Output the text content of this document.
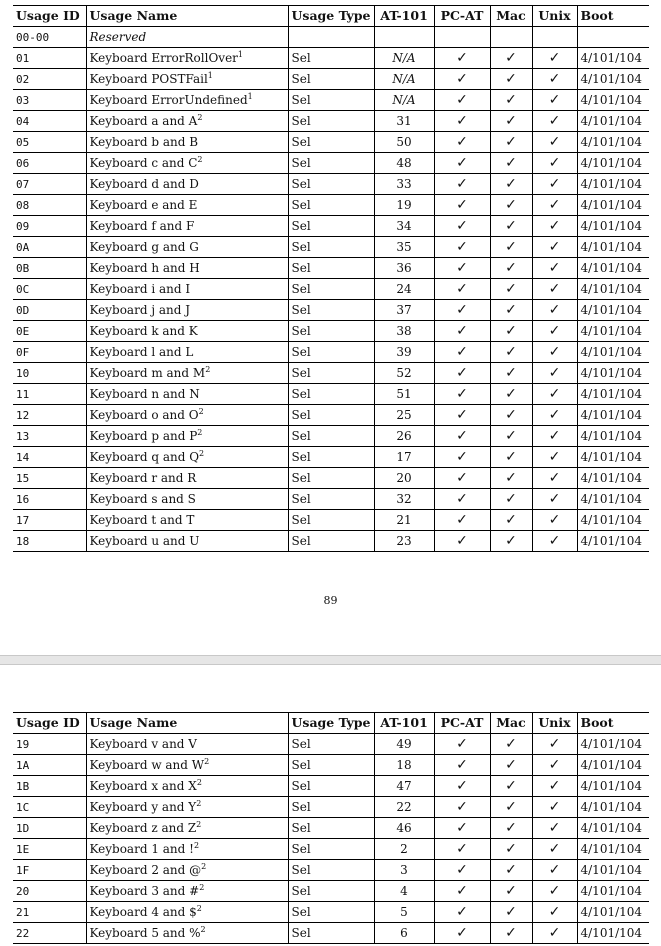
Usage ID	Usage Name	Usage Type	AT-101	PC-AT	Mac	Unix	Boot
00-00	Reserved						
01	Keyboard ErrorRollOver$^1$	Sel	N/A	✓	✓	✓	4/101/104
02	Keyboard POSTFail$^1$	Sel	N/A	✓	✓	✓	4/101/104
03	Keyboard ErrorUndefined$^1$	Sel	N/A	✓	✓	✓	4/101/104
04	Keyboard a and $A^2$	Sel	31	✓	✓	✓	4/101/104
05	Keyboard b and B	Sel	50	✓	✓	✓	4/101/104
06	Keyboard c and $C^2$	Sel	48	✓	✓	✓	4/101/104
07	Keyboard d and D	Sel	33	✓	✓	✓	4/101/104
08	Keyboard e and E	Sel	19	✓	✓	✓	4/101/104
09	Keyboard f and F	Sel	34	✓	✓	✓	4/101/104
0A	Keyboard g and G	Sel	35	✓	✓	✓	4/101/104
0B	Keyboard h and H	Sel	36	✓	✓	✓	4/101/104
0C	Keyboard i and I	Sel	24	✓	✓	✓	4/101/104
0D	Keyboard j and J	Sel	37	✓	✓	✓	4/101/104
0E	Keyboard k and K	Sel	38	✓	✓	✓	4/101/104
0F	Keyboard l and L	Sel	39	✓	✓	✓	4/101/104
10	Keyboard m and $M^2$	Sel	52	✓	✓	✓	4/101/104
11	Keyboard n and N	Sel	51	✓	✓	✓	4/101/104
12	Keyboard o and $O^2$	Sel	25	✓	✓	✓	4/101/104
13	Keyboard p and $P^2$	Sel	26	✓	✓	✓	4/101/104
14	Keyboard q and $Q^2$	Sel	17	✓	✓	✓	4/101/104
15	Keyboard r and R	Sel	20	✓	✓	✓	4/101/104
16	Keyboard s and S	Sel	32	✓	✓	✓	4/101/104
17	Keyboard t and T	Sel	21	✓	✓	✓	4/101/104
18	Keyboard u and U	Sel	23	✓	✓	✓	4/101/104
89
Usage ID	Usage Name	Usage Type	AT-101	PC-AT	Mac	Unix	Boot
19	Keyboard v and V	Sel	49	✓	✓	✓	4/101/104
1A	Keyboard w and $W^2$	Sel	18	✓	✓	✓	4/101/104
1B	Keyboard x and $X^2$	Sel	47	✓	✓	✓	4/101/104
1C	Keyboard y and $Y^2$	Sel	22	✓	✓	✓	4/101/104
1D	Keyboard z and $Z^2$	Sel	46	✓	✓	✓	4/101/104
1E	Keyboard 1 and !$^2$	Sel	2	✓	✓	✓	4/101/104
1F	Keyboard 2 and @$^2$	Sel	3	✓	✓	✓	4/101/104
20	Keyboard 3 and #$^2$	Sel	4	✓	✓	✓	4/101/104
21	Keyboard 4 and \$$^2$	Sel	5	✓	✓	✓	4/101/104
22	Keyboard 5 and %$^2$	Sel	6	✓	✓	✓	4/101/104
